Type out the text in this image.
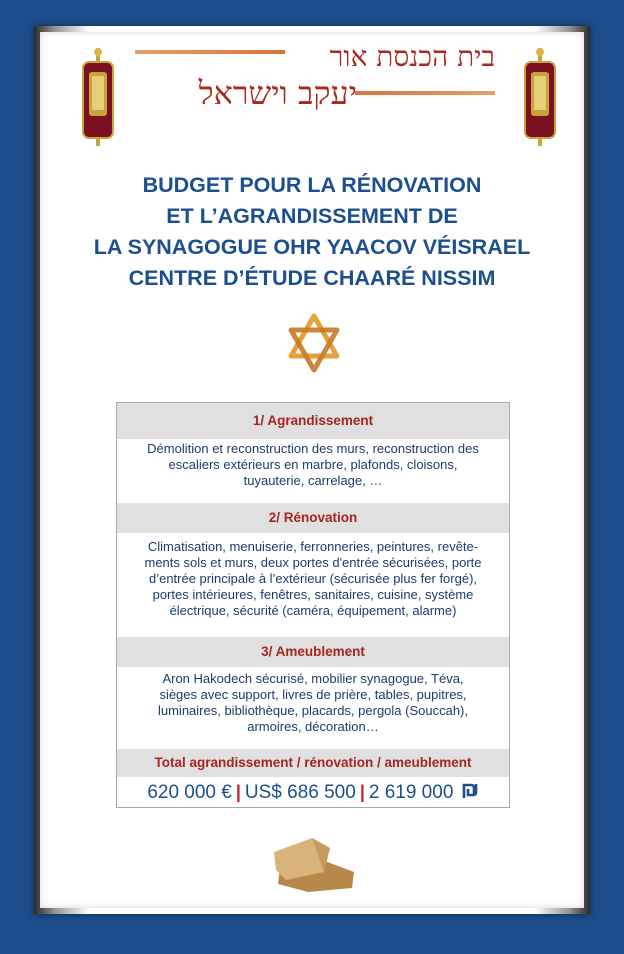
בית הכנסת אור
יעקב וישראל
BUDGET POUR LA RÉNOVATION
ET L’AGRANDISSEMENT DE
LA SYNAGOGUE OHR YAACOV VÉISRAEL
CENTRE D’ÉTUDE CHAARÉ NISSIM
1/ Agrandissement
Démolition et reconstruction des murs, reconstruction des
escaliers extérieurs en marbre, plafonds, cloisons,
tuyauterie, carrelage, …
2/ Rénovation
Climatisation, menuiserie, ferronneries, peintures, revête-
ments sols et murs, deux portes d'entrée sécurisées, porte
d’entrée principale à l’extérieur (sécurisée plus fer forgé),
portes intérieures, fenêtres, sanitaires, cuisine, système
électrique, sécurité (caméra, équipement, alarme)
3/ Ameublement
Aron Hakodech sécurisé, mobilier synagogue, Téva,
sièges avec support, livres de prière, tables, pupitres,
luminaires, bibliothèque, placards, pergola (Souccah),
armoires, décoration…
Total agrandissement / rénovation / ameublement
620 000 € | US$ 686 500 | 2 619 000
